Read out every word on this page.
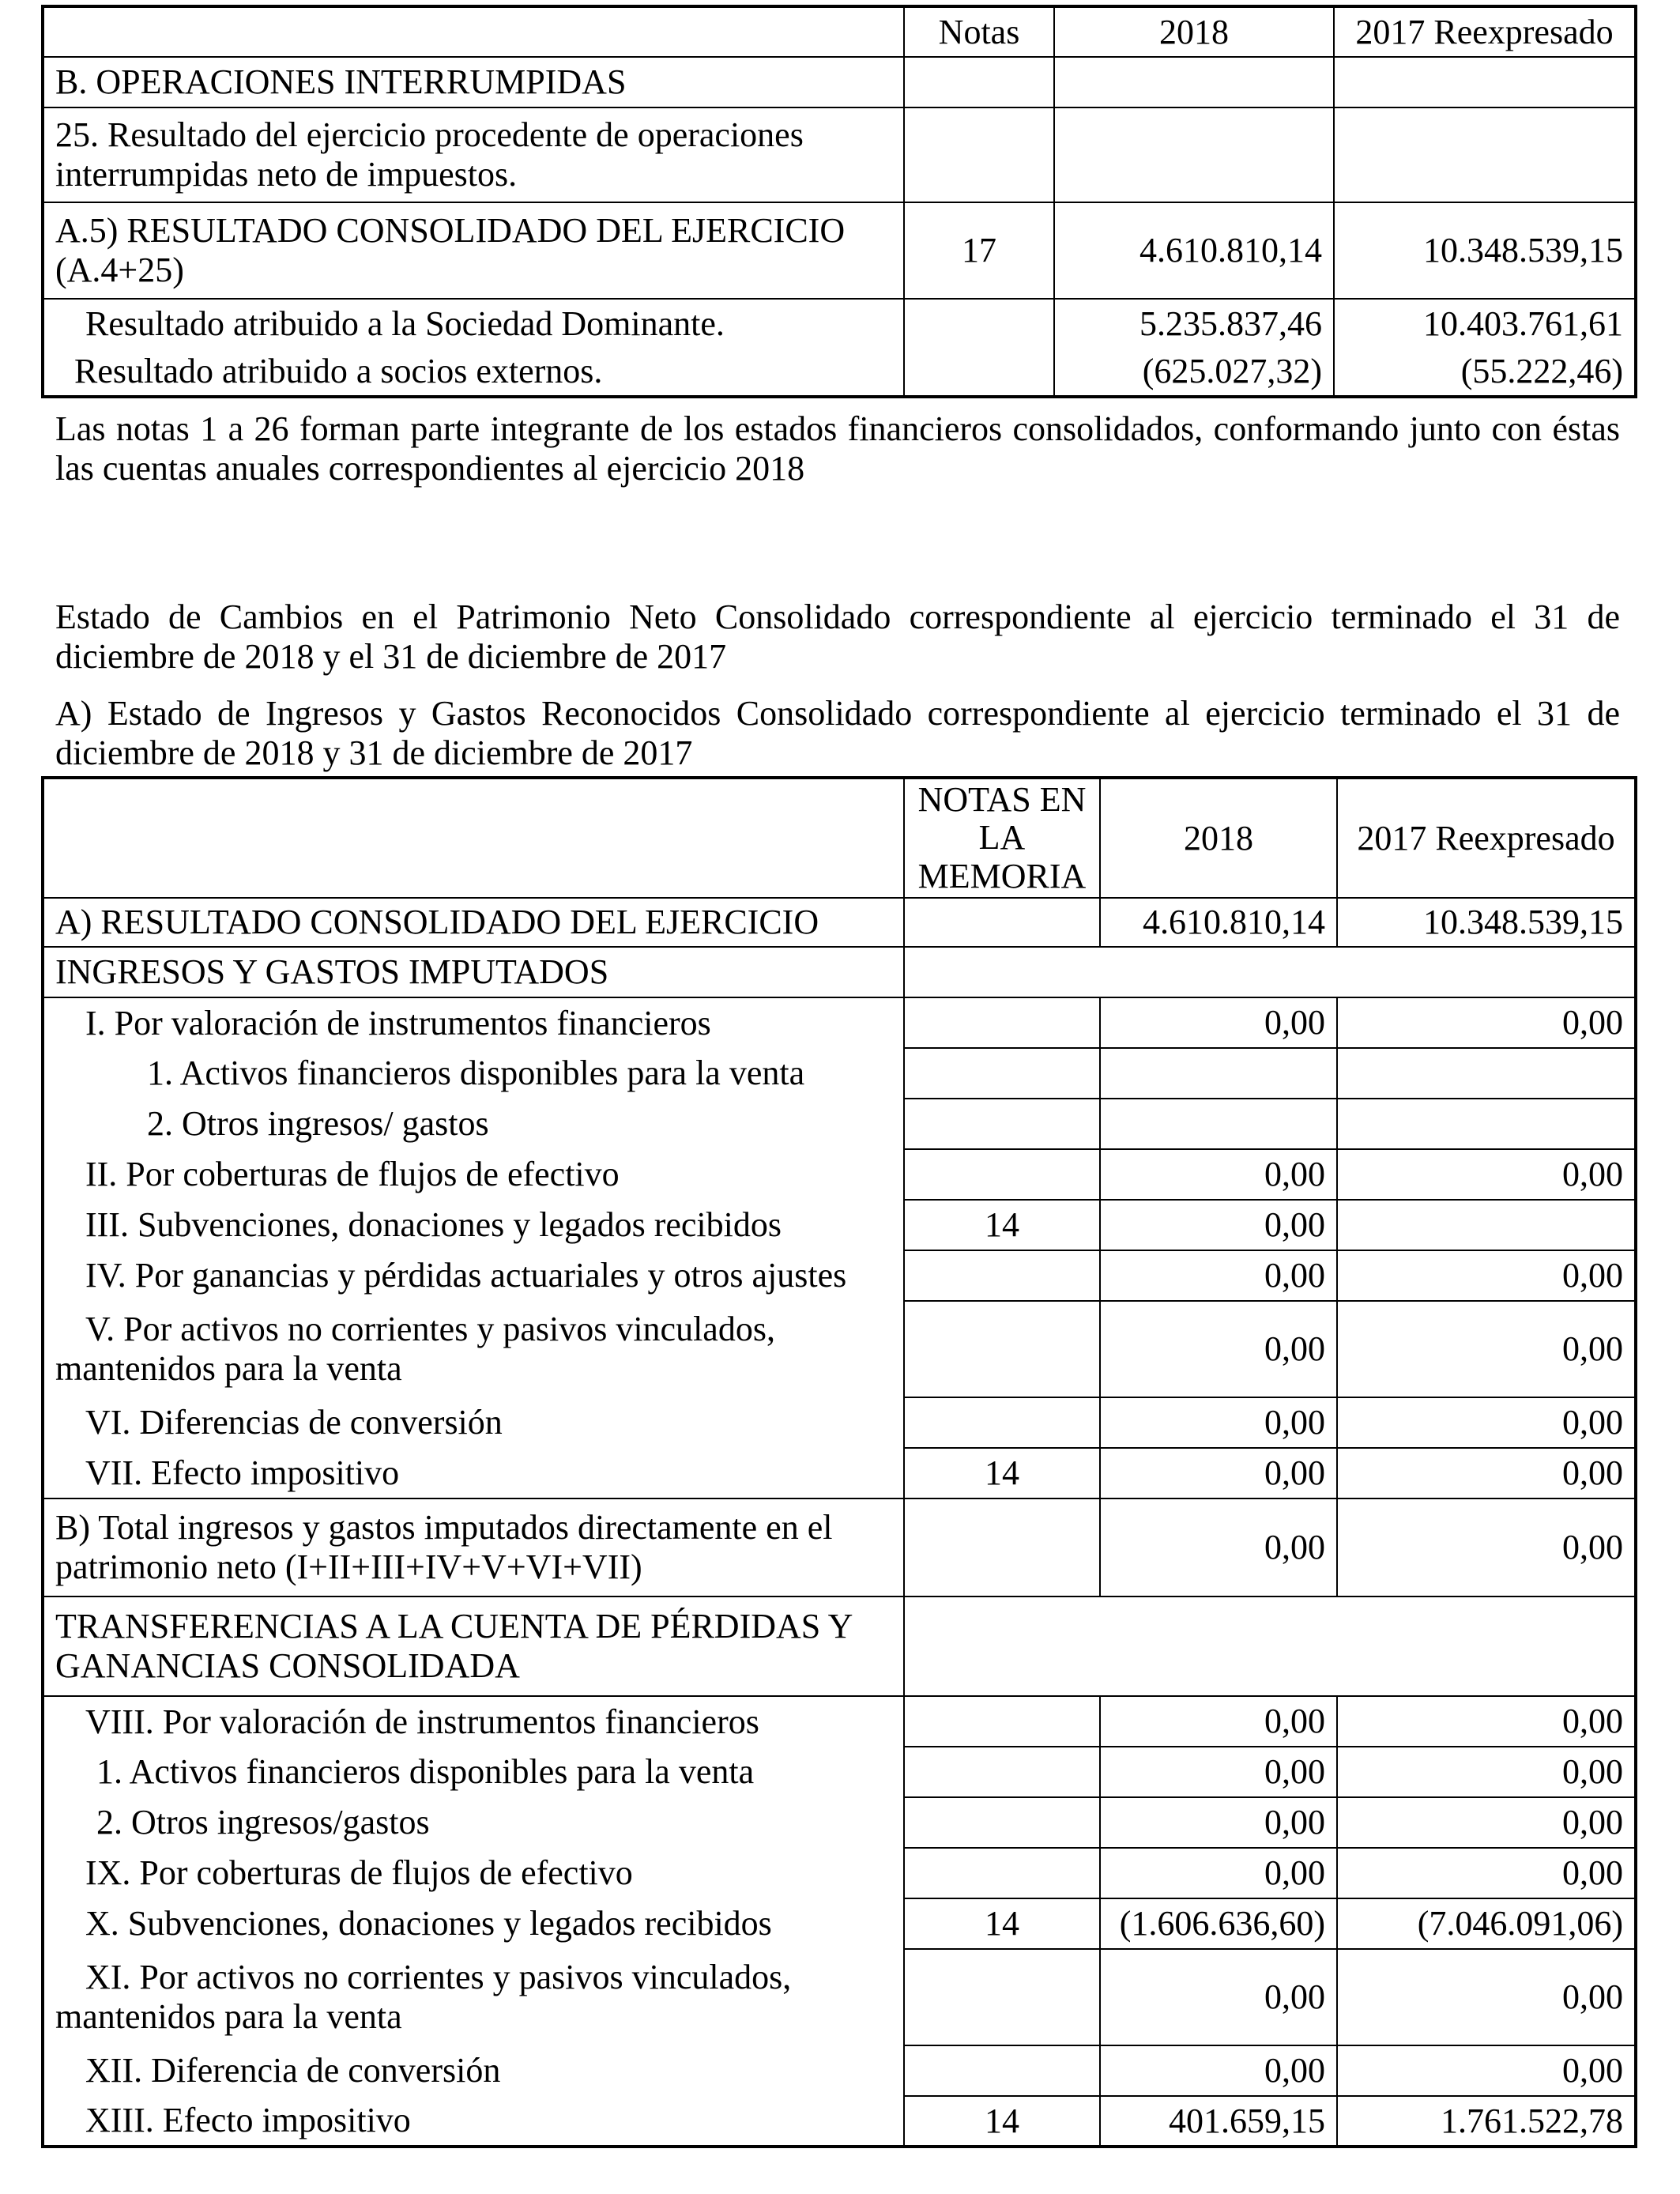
	Notas	2018	2017 Reexpresado
B. OPERACIONES INTERRUMPIDAS			
25. Resultado del ejercicio procedente de operaciones interrumpidas neto de impuestos.			
A.5) RESULTADO CONSOLIDADO DEL EJERCICIO (A.4+25)	17	4.610.810,14	10.348.539,15
Resultado atribuido a la Sociedad Dominante.		5.235.837,46	10.403.761,61
Resultado atribuido a socios externos.		(625.027,32)	(55.222,46)
Las notas 1 a 26 forman parte integrante de los estados financieros consolidados, conformando junto con éstas las cuentas anuales correspondientes al ejercicio 2018
Estado de Cambios en el Patrimonio Neto Consolidado correspondiente al ejercicio terminado el 31 de diciembre de 2018 y el 31 de diciembre de 2017
A) Estado de Ingresos y Gastos Reconocidos Consolidado correspondiente al ejercicio terminado el 31 de diciembre de 2018 y 31 de diciembre de 2017
	NOTAS EN LA MEMORIA	2018	2017 Reexpresado
A) RESULTADO CONSOLIDADO DEL EJERCICIO		4.610.810,14	10.348.539,15
INGRESOS Y GASTOS IMPUTADOS			
I. Por valoración de instrumentos financieros		0,00	0,00
1. Activos financieros disponibles para la venta			
2. Otros ingresos/ gastos			
II. Por coberturas de flujos de efectivo		0,00	0,00
III. Subvenciones, donaciones y legados recibidos	14	0,00	
IV. Por ganancias y pérdidas actuariales y otros ajustes		0,00	0,00
V. Por activos no corrientes y pasivos vinculados, mantenidos para la venta		0,00	0,00
VI. Diferencias de conversión		0,00	0,00
VII. Efecto impositivo	14	0,00	0,00
B) Total ingresos y gastos imputados directamente en el patrimonio neto (I+II+III+IV+V+VI+VII)		0,00	0,00
TRANSFERENCIAS A LA CUENTA DE PÉRDIDAS Y GANANCIAS CONSOLIDADA			
VIII. Por valoración de instrumentos financieros		0,00	0,00
1. Activos financieros disponibles para la venta		0,00	0,00
2. Otros ingresos/gastos		0,00	0,00
IX. Por coberturas de flujos de efectivo		0,00	0,00
X. Subvenciones, donaciones y legados recibidos	14	(1.606.636,60)	(7.046.091,06)
XI. Por activos no corrientes y pasivos vinculados, mantenidos para la venta		0,00	0,00
XII. Diferencia de conversión		0,00	0,00
XIII. Efecto impositivo	14	401.659,15	1.761.522,78
